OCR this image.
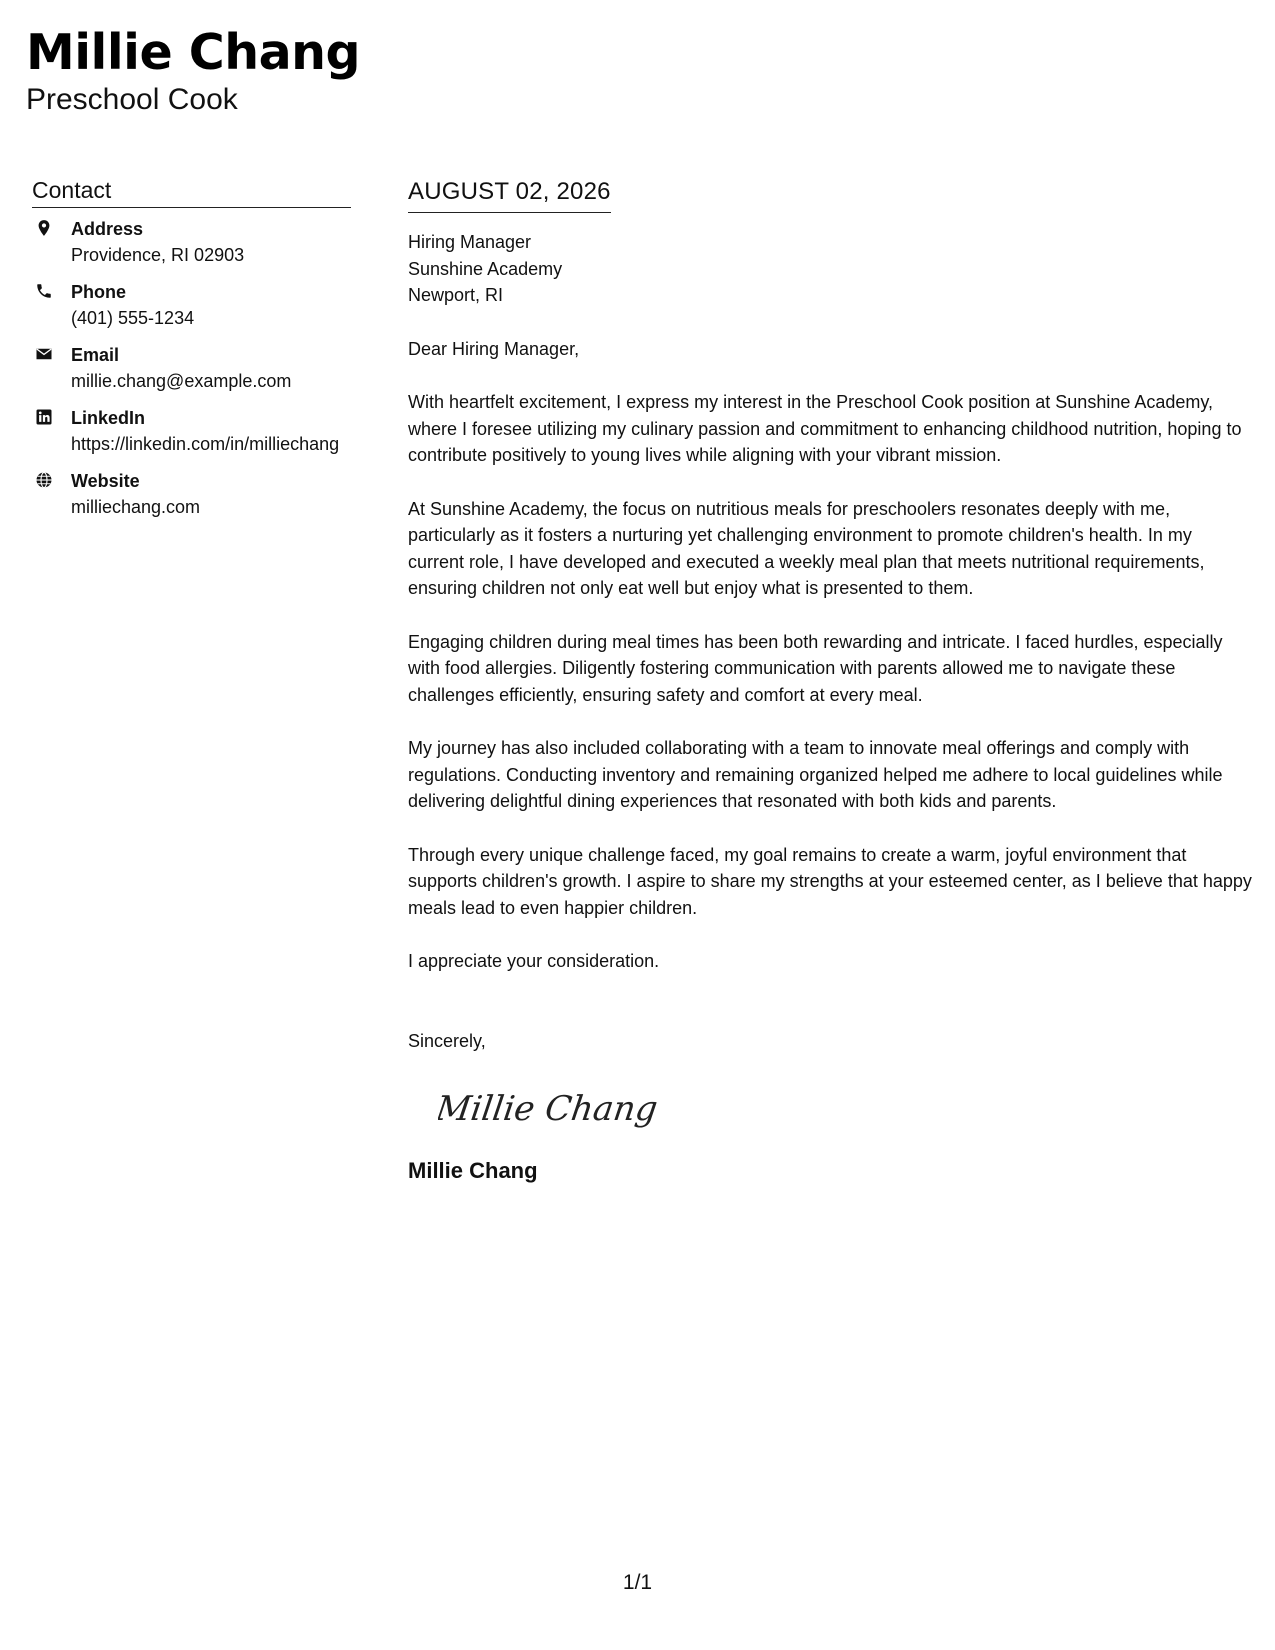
Millie Chang
Preschool Cook
Contact
Address
Providence, RI 02903
Phone
(401) 555-1234
Email
millie.chang@example.com
LinkedIn
https://linkedin.com/in/milliechang
Website
milliechang.com
AUGUST 02, 2026
Hiring Manager
Sunshine Academy
Newport, RI
Dear Hiring Manager,

With heartfelt excitement, I express my interest in the Preschool Cook position at Sunshine Academy, where I foresee utilizing my culinary passion and commitment to enhancing childhood nutrition, hoping to contribute positively to young lives while aligning with your vibrant mission.

At Sunshine Academy, the focus on nutritious meals for preschoolers resonates deeply with me, particularly as it fosters a nurturing yet challenging environment to promote children's health. In my current role, I have developed and executed a weekly meal plan that meets nutritional requirements, ensuring children not only eat well but enjoy what is presented to them.

Engaging children during meal times has been both rewarding and intricate. I faced hurdles, especially with food allergies. Diligently fostering communication with parents allowed me to navigate these challenges efficiently, ensuring safety and comfort at every meal.

My journey has also included collaborating with a team to innovate meal offerings and comply with regulations. Conducting inventory and remaining organized helped me adhere to local guidelines while delivering delightful dining experiences that resonated with both kids and parents.

Through every unique challenge faced, my goal remains to create a warm, joyful environment that supports children's growth. I aspire to share my strengths at your esteemed center, as I believe that happy meals lead to even happier children.

I appreciate your consideration.

Sincerely,
Millie Chang
Millie Chang
1/1
